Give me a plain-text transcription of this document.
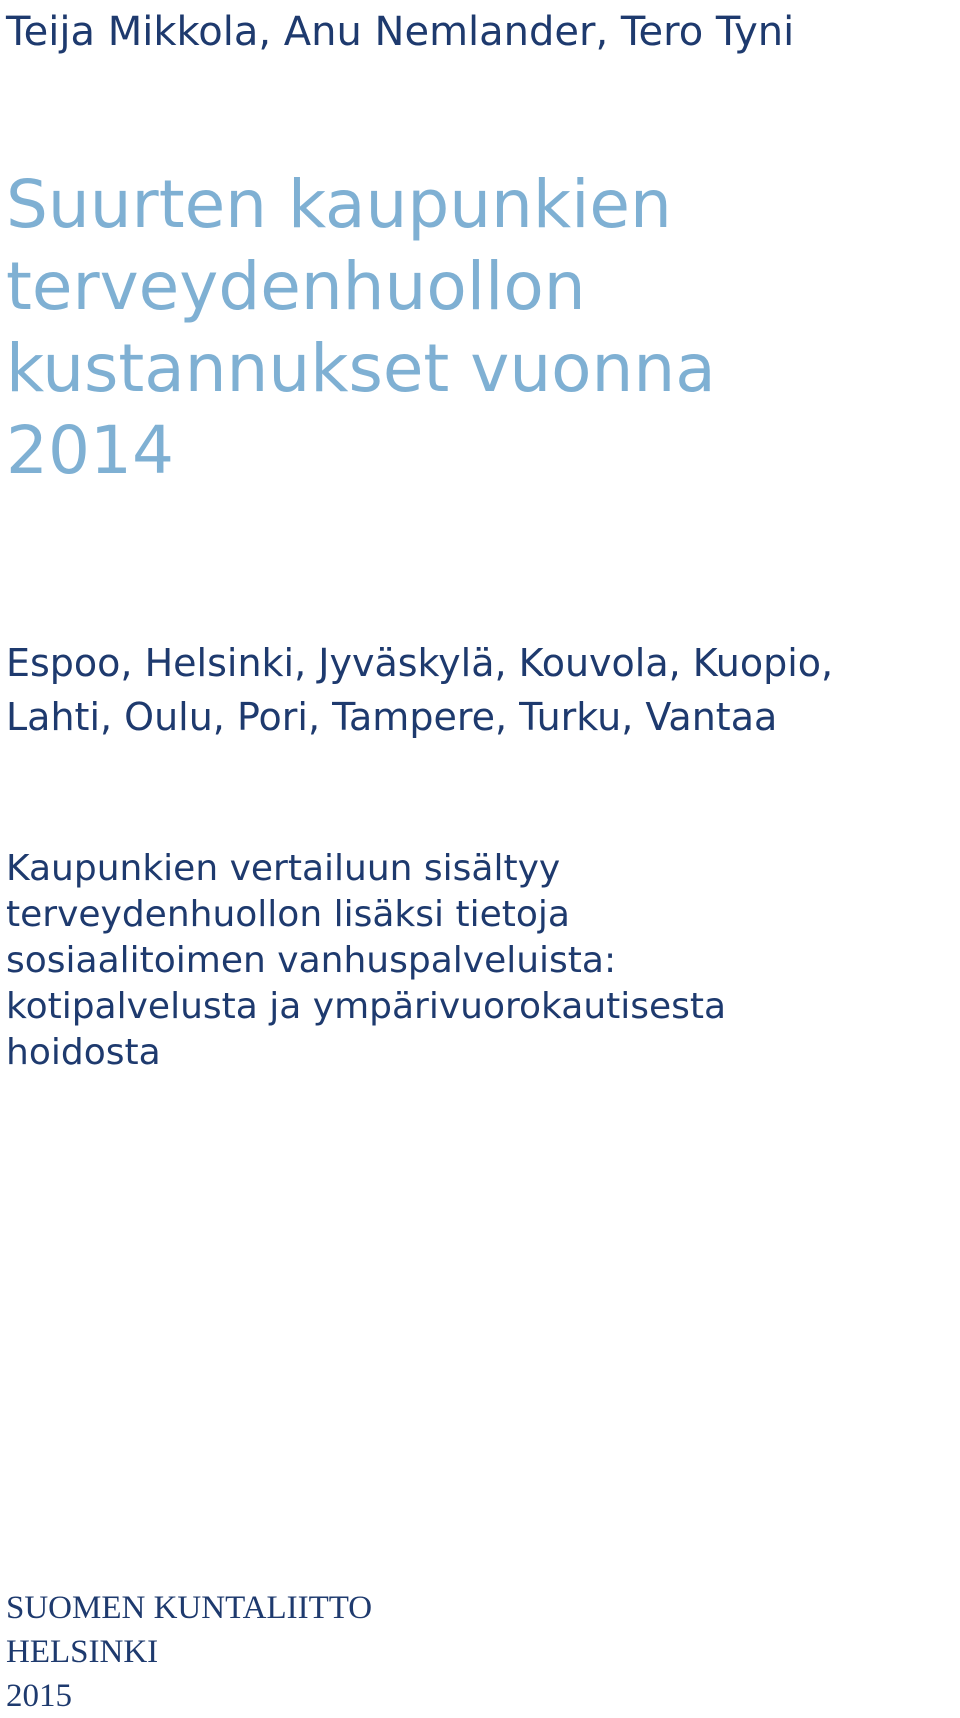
Teija Mikkola, Anu Nemlander, Tero Tyni

Suurten kaupunkien
terveydenhuollon
kustannukset vuonna
2014

Espoo, Helsinki, Jyväskylä, Kouvola, Kuopio,
Lahti, Oulu, Pori, Tampere, Turku, Vantaa

Kaupunkien vertailuun sisältyy
terveydenhuollon lisäksi tietoja
sosiaalitoimen vanhuspalveluista:
kotipalvelusta ja ympärivuorokautisesta
hoidosta

SUOMEN KUNTALIITTO
HELSINKI
2015
